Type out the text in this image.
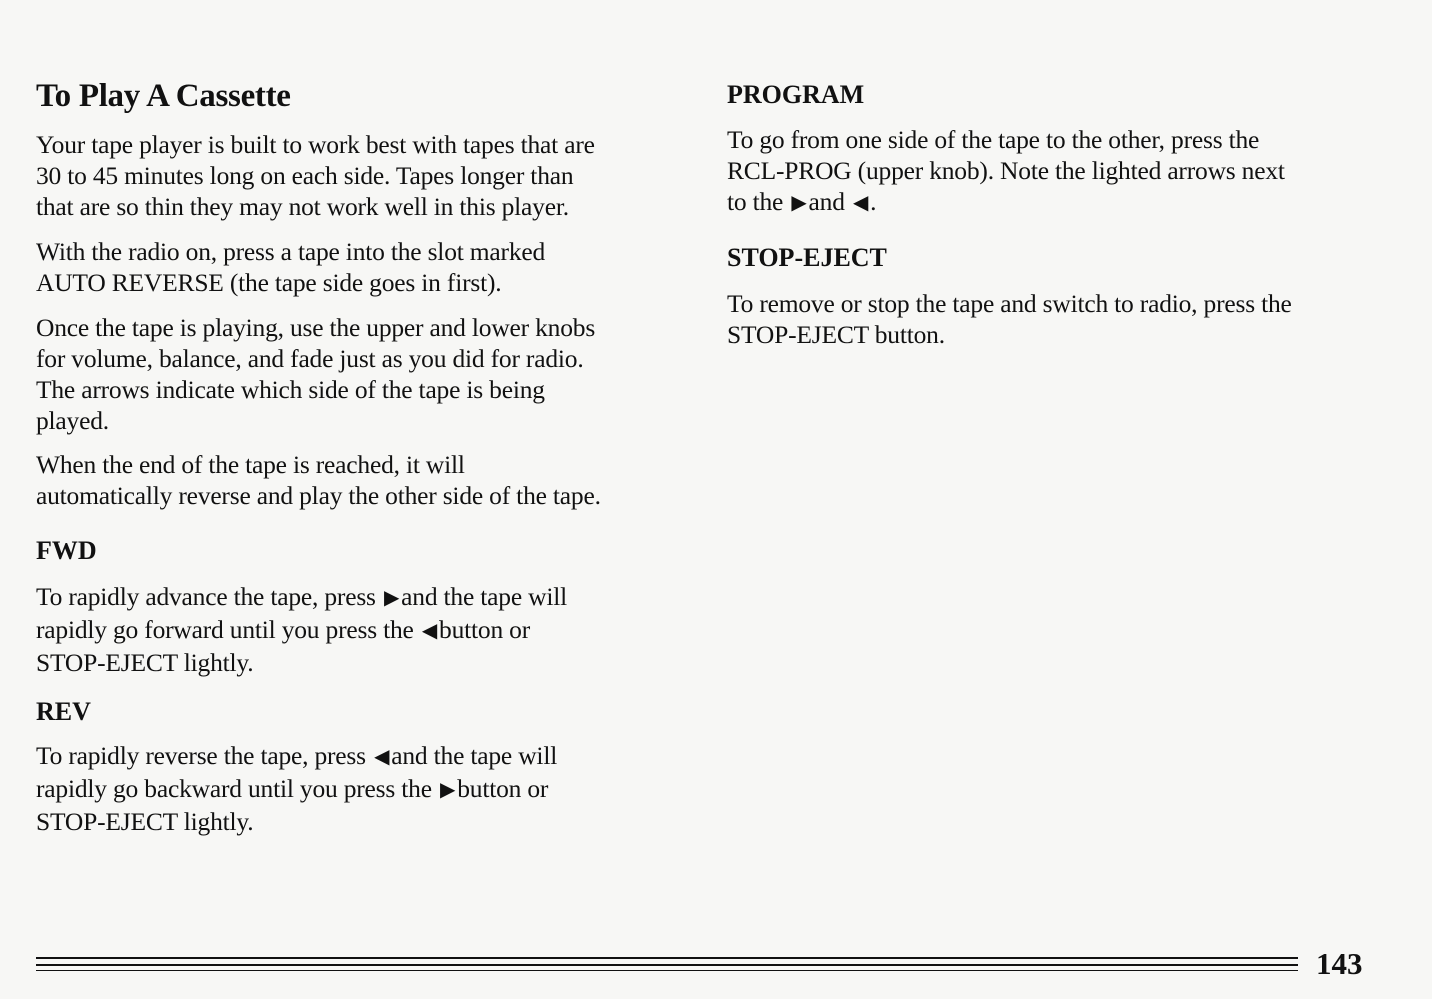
To Play A Cassette

Your tape player is built to work best with tapes that are
30 to 45 minutes long on each side. Tapes longer than
that are so thin they may not work well in this player.

With the radio on, press a tape into the slot marked
AUTO REVERSE (the tape side goes in first).

Once the tape is playing, use the upper and lower knobs
for volume, balance, and fade just as you did for radio.
The arrows indicate which side of the tape is being
played.

When the end of the tape is reached, it will
automatically reverse and play the other side of the tape.

FWD

To rapidly advance the tape, press ▶and the tape will
rapidly go forward until you press the ◀button or
STOP-EJECT lightly.

REV

To rapidly reverse the tape, press ◀and the tape will
rapidly go backward until you press the ▶button or
STOP-EJECT lightly.

PROGRAM

To go from one side of the tape to the other, press the
RCL-PROG (upper knob). Note the lighted arrows next
to the ▶and ◀.

STOP-EJECT

To remove or stop the tape and switch to radio, press the
STOP-EJECT button.

143
